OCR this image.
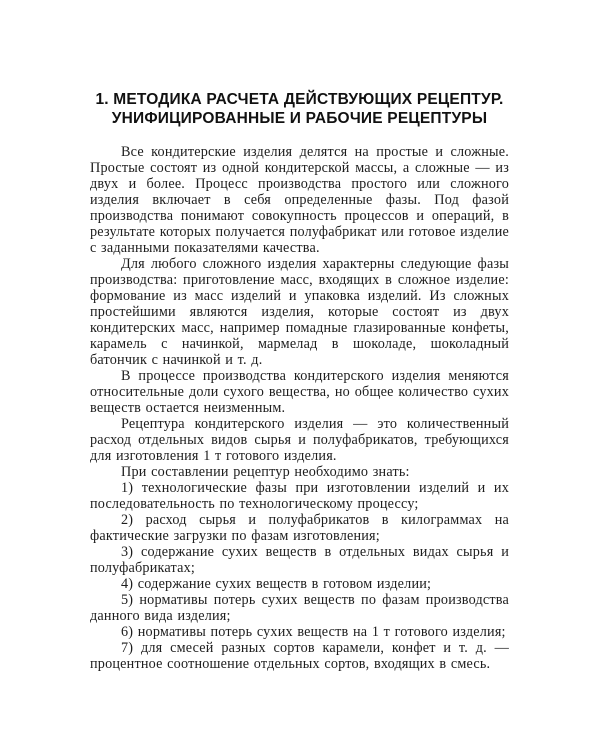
1. МЕТОДИКА РАСЧЕТА ДЕЙСТВУЮЩИХ РЕЦЕПТУР.
УНИФИЦИРОВАННЫЕ И РАБОЧИЕ РЕЦЕПТУРЫ

Все кондитерские изделия делятся на простые и сложные. Простые состоят из одной кондитерской массы, а сложные — из двух и более. Процесс производства простого или сложного изделия включает в себя определенные фазы. Под фазой производства понимают совокупность процессов и операций, в результате которых получается полуфабрикат или готовое изделие с заданными показателями качества.

Для любого сложного изделия характерны следующие фазы производства: приготовление масс, входящих в сложное изделие: формование из масс изделий и упаковка изделий. Из сложных простейшими являются изделия, которые состоят из двух кондитерских масс, например помадные глазированные конфеты, карамель с начинкой, мармелад в шоколаде, шоколадный батончик с начинкой и т. д.

В процессе производства кондитерского изделия меняются относительные доли сухого вещества, но общее количество сухих веществ остается неизменным.

Рецептура кондитерского изделия — это количественный расход отдельных видов сырья и полуфабрикатов, требующихся для изготовления 1 т готового изделия.

При составлении рецептур необходимо знать:

1) технологические фазы при изготовлении изделий и их последовательность по технологическому процессу;

2) расход сырья и полуфабрикатов в килограммах на фактические загрузки по фазам изготовления;

3) содержание сухих веществ в отдельных видах сырья и полуфабрикатах;

4) содержание сухих веществ в готовом изделии;

5) нормативы потерь сухих веществ по фазам производства данного вида изделия;

6) нормативы потерь сухих веществ на 1 т готового изделия;

7) для смесей разных сортов карамели, конфет и т. д. — процентное соотношение отдельных сортов, входящих в смесь.
